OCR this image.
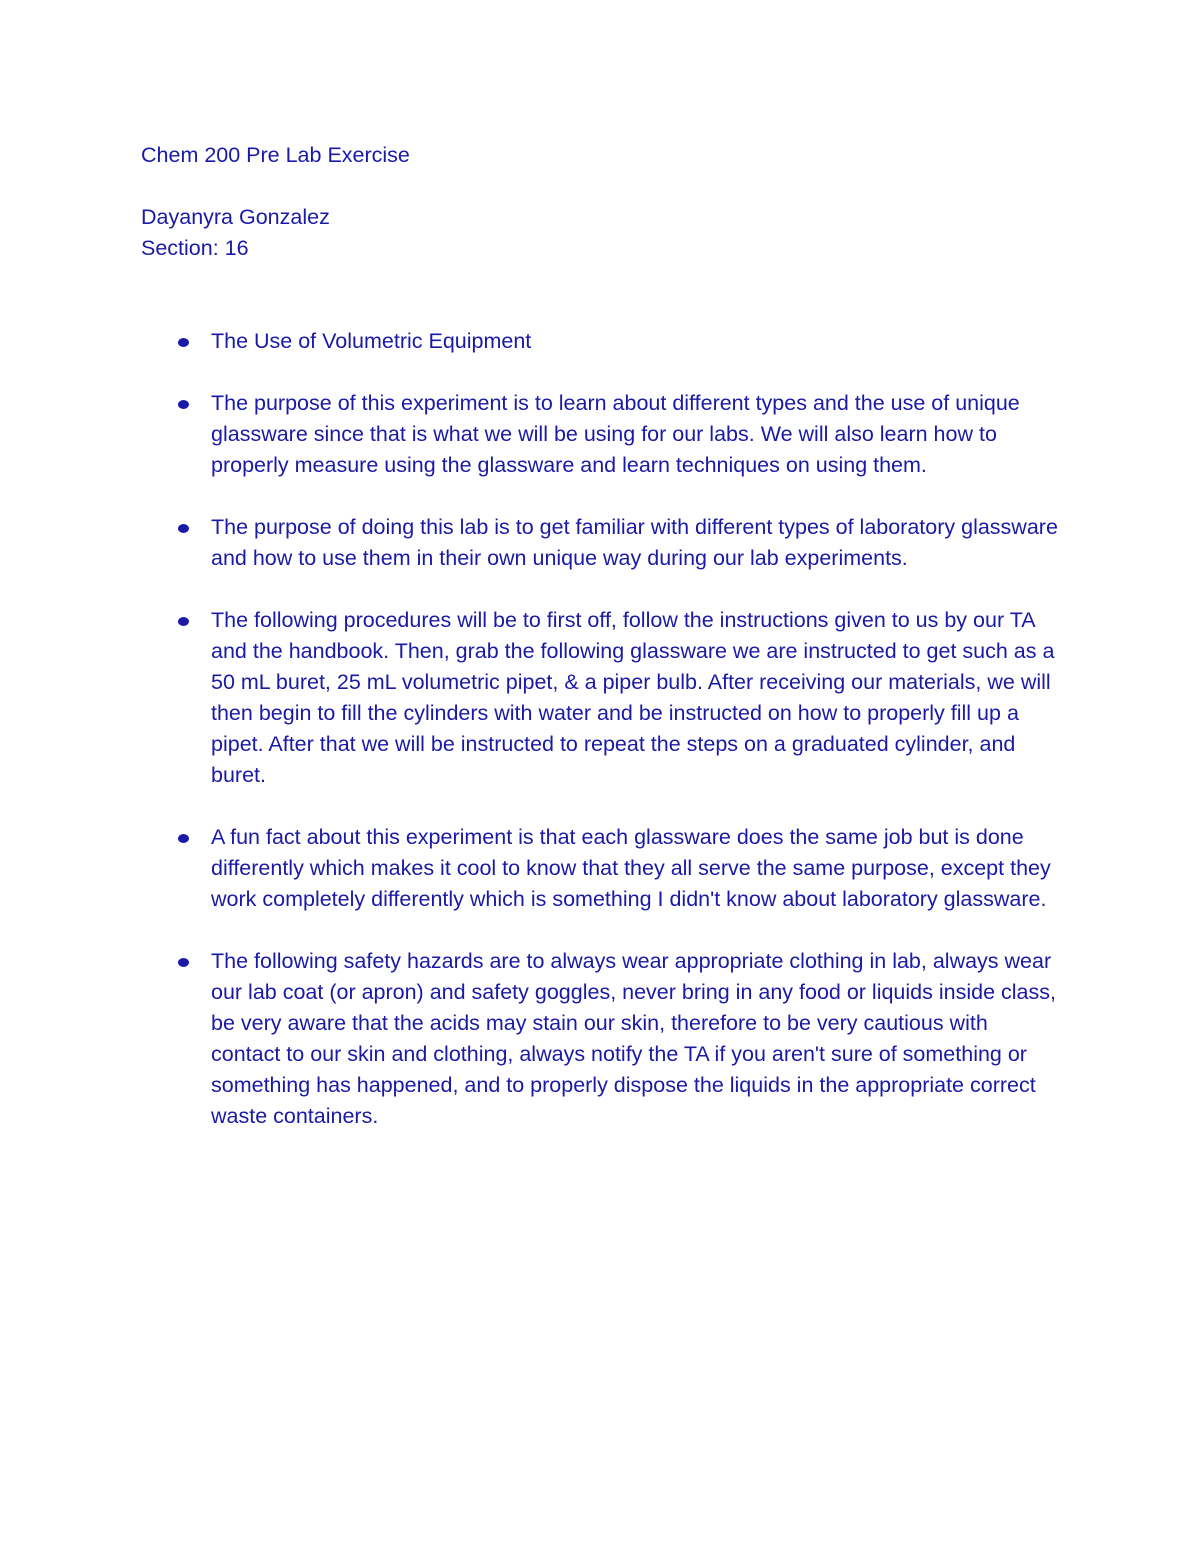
Chem 200 Pre Lab Exercise
Dayanyra Gonzalez
Section: 16
The Use of Volumetric Equipment
The purpose of this experiment is to learn about different types and the use of unique glassware since that is what we will be using for our labs. We will also learn how to properly measure using the glassware and learn techniques on using them.
The purpose of doing this lab is to get familiar with different types of laboratory glassware and how to use them in their own unique way during our lab experiments.
The following procedures will be to first off, follow the instructions given to us by our TA and the handbook. Then, grab the following glassware we are instructed to get such as a 50 mL buret, 25 mL volumetric pipet, & a piper bulb. After receiving our materials, we will then begin to fill the cylinders with water and be instructed on how to properly fill up a pipet. After that we will be instructed to repeat the steps on a graduated cylinder, and buret.
A fun fact about this experiment is that each glassware does the same job but is done differently which makes it cool to know that they all serve the same purpose, except they work completely differently which is something I didn't know about laboratory glassware.
The following safety hazards are to always wear appropriate clothing in lab, always wear our lab coat (or apron) and safety goggles, never bring in any food or liquids inside class, be very aware that the acids may stain our skin, therefore to be very cautious with contact to our skin and clothing, always notify the TA if you aren't sure of something or something has happened, and to properly dispose the liquids in the appropriate correct waste containers.
